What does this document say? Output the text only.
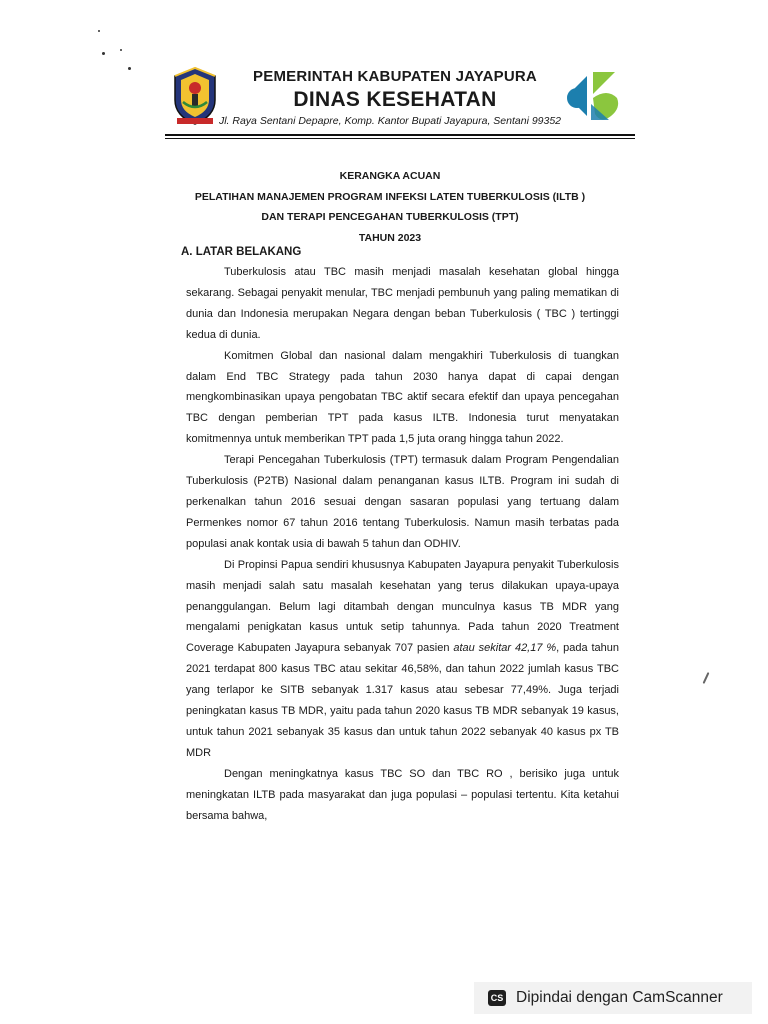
PEMERINTAH KABUPATEN JAYAPURA
DINAS KESEHATAN
Jl. Raya Sentani Depapre, Komp. Kantor Bupati Jayapura, Sentani 99352
KERANGKA ACUAN
PELATIHAN MANAJEMEN PROGRAM INFEKSI LATEN TUBERKULOSIS (ILTB )
DAN TERAPI PENCEGAHAN TUBERKULOSIS (TPT)
TAHUN 2023
A. LATAR BELAKANG

Tuberkulosis atau TBC masih menjadi masalah kesehatan global hingga sekarang. Sebagai penyakit menular, TBC menjadi pembunuh yang paling mematikan di dunia dan Indonesia merupakan Negara dengan beban Tuberkulosis ( TBC ) tertinggi kedua di dunia.

Komitmen Global dan nasional dalam mengakhiri Tuberkulosis di tuangkan dalam End TBC Strategy pada tahun 2030 hanya dapat di capai dengan mengkombinasikan upaya pengobatan TBC aktif secara efektif dan upaya pencegahan TBC dengan pemberian TPT pada kasus ILTB. Indonesia turut menyatakan komitmennya untuk memberikan TPT pada 1,5 juta orang hingga tahun 2022.

Terapi Pencegahan Tuberkulosis (TPT) termasuk dalam Program Pengendalian Tuberkulosis (P2TB) Nasional dalam penanganan kasus ILTB. Program ini sudah di perkenalkan tahun 2016 sesuai dengan sasaran populasi yang tertuang dalam Permenkes nomor 67 tahun 2016 tentang Tuberkulosis. Namun masih terbatas pada populasi anak kontak usia di bawah 5 tahun dan ODHIV.

Di Propinsi Papua sendiri khususnya Kabupaten Jayapura penyakit Tuberkulosis masih menjadi salah satu masalah kesehatan yang terus dilakukan upaya-upaya penanggulangan. Belum lagi ditambah dengan munculnya kasus TB MDR yang mengalami penigkatan kasus untuk setip tahunnya. Pada tahun 2020 Treatment Coverage Kabupaten Jayapura sebanyak 707 pasien atau sekitar 42,17 %, pada tahun 2021 terdapat 800 kasus TBC atau sekitar 46,58%, dan tahun 2022 jumlah kasus TBC yang terlapor ke SITB sebanyak 1.317 kasus atau sebesar 77,49%. Juga terjadi peningkatan kasus TB MDR, yaitu pada tahun 2020 kasus TB MDR sebanyak 19 kasus, untuk tahun 2021 sebanyak 35 kasus dan untuk tahun 2022 sebanyak 40 kasus px TB MDR

Dengan meningkatnya kasus TBC SO dan TBC RO , berisiko juga untuk meningkatan ILTB pada masyarakat dan juga populasi – populasi tertentu. Kita ketahui bersama bahwa,

CS Dipindai dengan CamScanner
